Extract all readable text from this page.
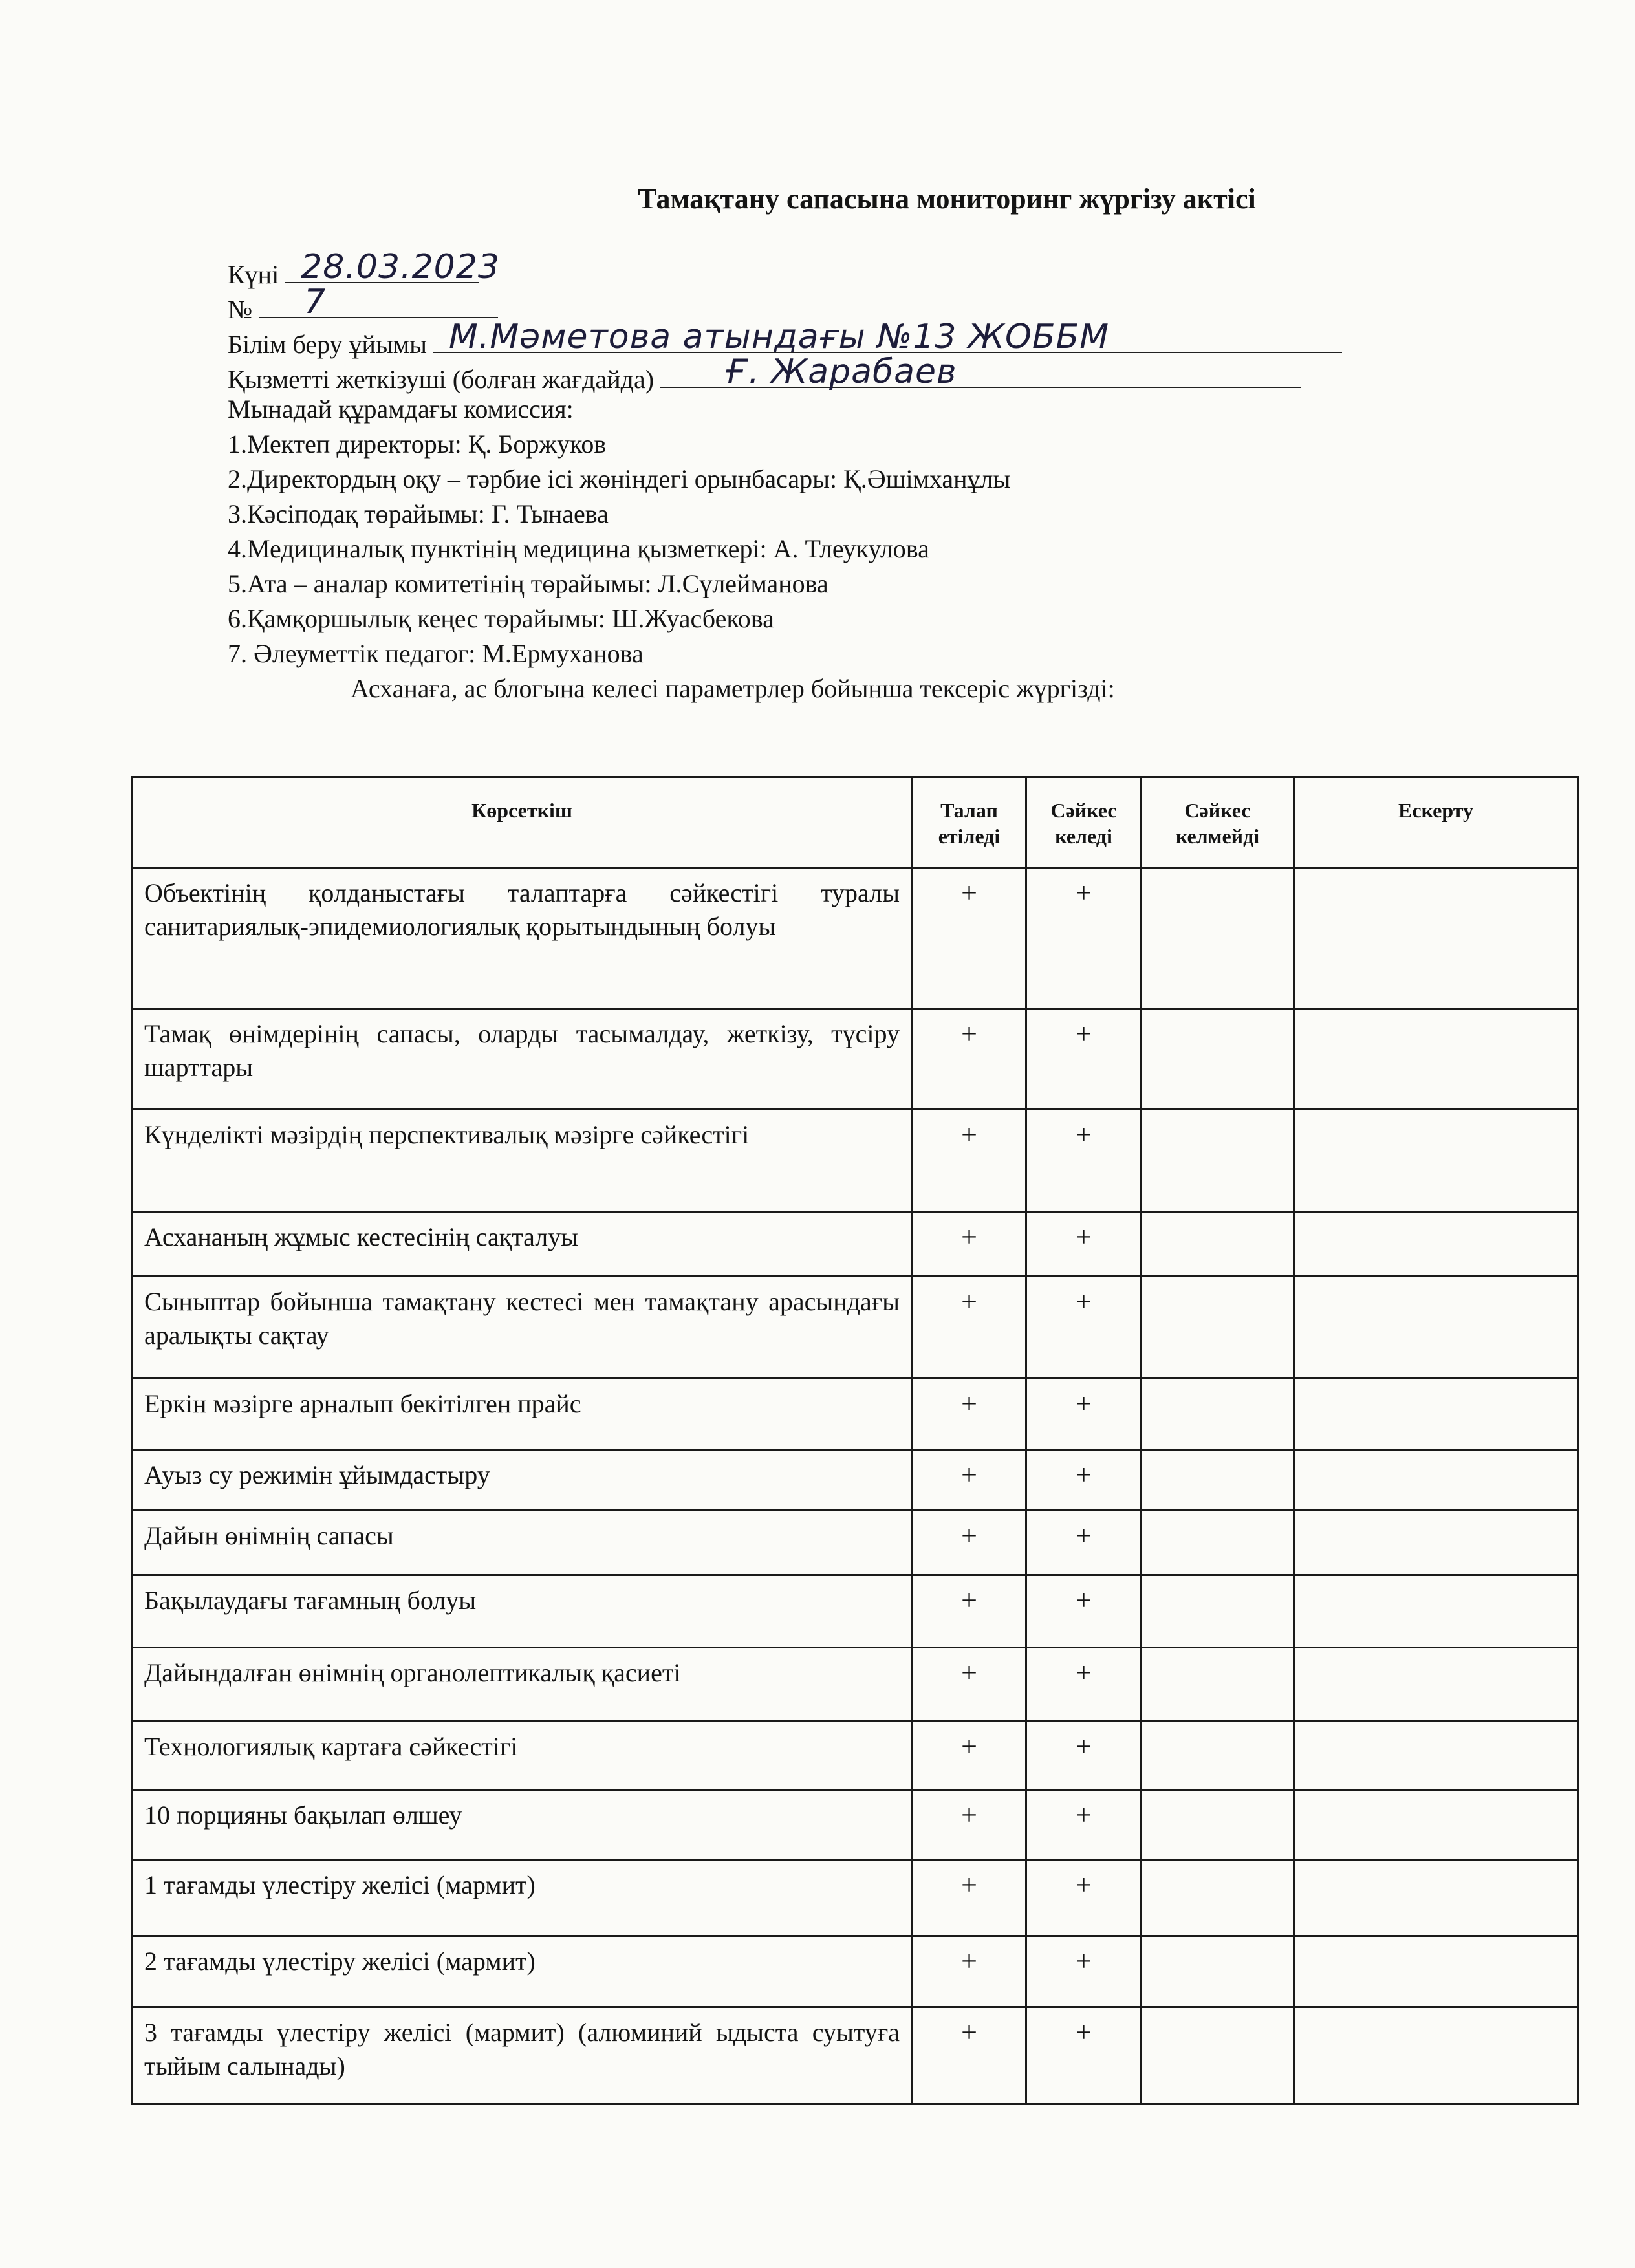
Тамақтану сапасына мониторинг жүргізу актісі
Күні 28.03.2023
№ 7
Білім беру ұйымы М.Мәметова атындағы №13 ЖОББМ
Қызметті жеткізуші (болған жағдайда) Ғ. Жарабаев
Мынадай құрамдағы комиссия:
1.Мектеп директоры: Қ. Боржуков
2.Директордың оқу – тәрбие ісі жөніндегі орынбасары: Қ.Әшімханұлы
3.Кәсіподақ төрайымы: Г. Тынаева
4.Медициналық пунктінің медицина қызметкері: А. Тлеукулова
5.Ата – аналар комитетінің төрайымы: Л.Сүлейманова
6.Қамқоршылық кеңес төрайымы: Ш.Жуасбекова
7. Әлеуметтік педагог: М.Ермуханова
Асханаға, ас блогына келесі параметрлер бойынша тексеріс жүргізді:
Көрсеткіш	Талап етіледі	Сәйкес келеді	Сәйкес келмейді	Ескерту
Объектінің қолданыстағы талаптарға сәйкестігі туралы санитариялық-эпидемиологиялық қорытындының болуы	+	+		
Тамақ өнімдерінің сапасы, оларды тасымалдау, жеткізу, түсіру шарттары	+	+		
Күнделікті мәзірдің перспективалық мәзірге сәйкестігі	+	+		
Асхананың жұмыс кестесінің сақталуы	+	+		
Сыныптар бойынша тамақтану кестесі мен тамақтану арасындағы аралықты сақтау	+	+		
Еркін мәзірге арналып бекітілген прайс	+	+		
Ауыз су режимін ұйымдастыру	+	+		
Дайын өнімнің сапасы	+	+		
Бақылаудағы тағамның болуы	+	+		
Дайындалған өнімнің органолептикалық қасиеті	+	+		
Технологиялық картаға сәйкестігі	+	+		
10 порцияны бақылап өлшеу	+	+		
1 тағамды үлестіру желісі (мармит)	+	+		
2 тағамды үлестіру желісі (мармит)	+	+		
3 тағамды үлестіру желісі (мармит) (алюминий ыдыста суытуға тыйым салынады)	+	+		
